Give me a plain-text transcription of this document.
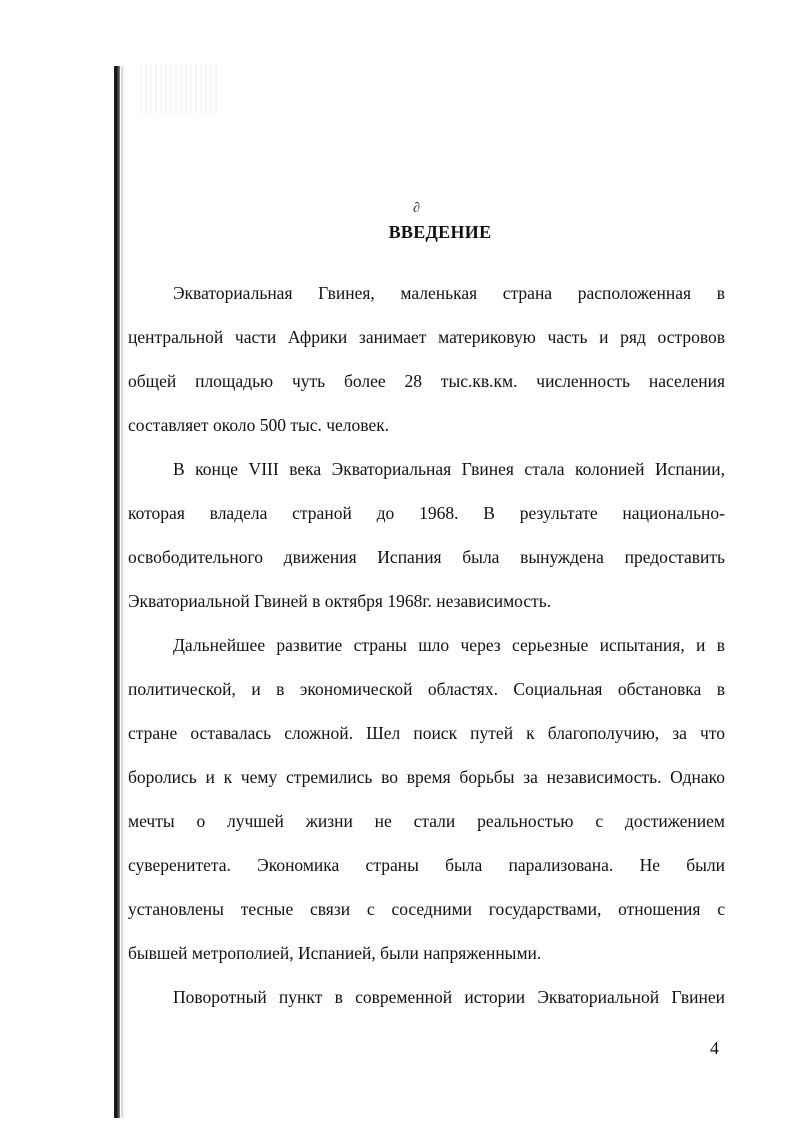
∂
ВВЕДЕНИЕ
Экваториальная Гвинея, маленькая страна расположенная в
центральной части Африки занимает материковую часть и ряд островов
общей площадью чуть более 28 тыс.кв.км. численность населения
составляет около 500 тыс. человек.
В конце VIII века Экваториальная Гвинея стала колонией Испании,
которая владела страной до 1968. В результате национально-
освободительного движения Испания была вынуждена предоставить
Экваториальной Гвиней в октября 1968г. независимость.
Дальнейшее развитие страны шло через серьезные испытания, и в
политической, и в экономической областях. Социальная обстановка в
стране оставалась сложной. Шел поиск путей к благополучию, за что
боролись и к чему стремились во время борьбы за независимость. Однако
мечты о лучшей жизни не стали реальностью с достижением
суверенитета. Экономика страны была парализована. Не были
установлены тесные связи с соседними государствами, отношения с
бывшей метрополией, Испанией, были напряженными.
Поворотный пункт в современной истории Экваториальной Гвинеи
4
